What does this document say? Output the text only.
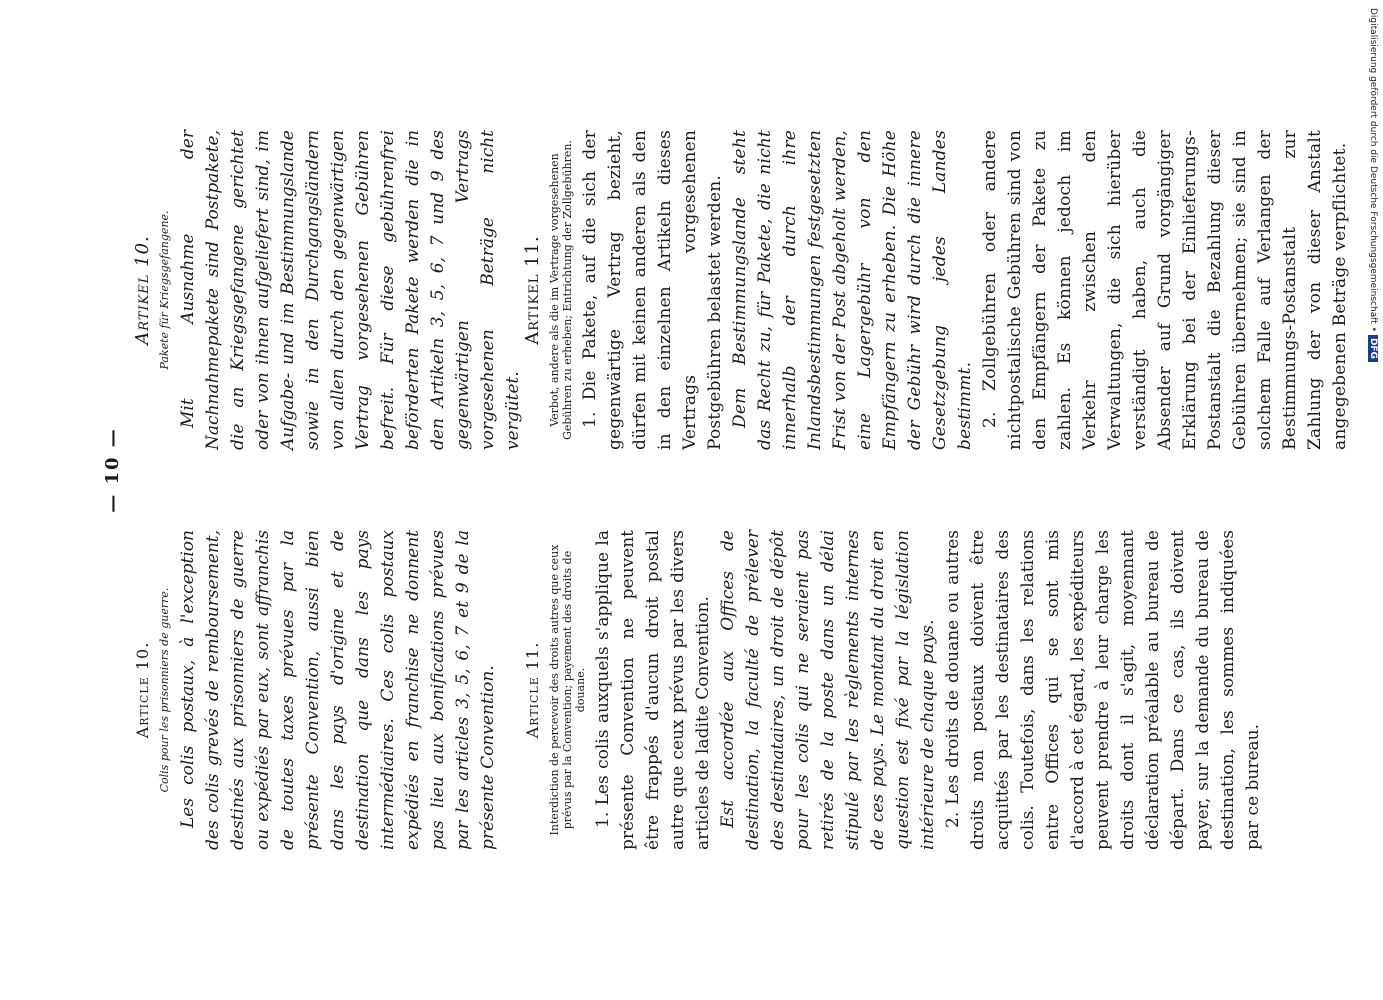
— 10 —

Article 10. Colis pour les prisonniers de guerre. Les colis postaux, à l'exception des colis grevés de remboursement, destinés aux prisonniers de guerre ou expédiés par eux, sont affranchis de toutes taxes prévues par la présente Convention, aussi bien dans les pays d'origine et de destination que dans les pays intermédiaires. Ces colis postaux expédiés en franchise ne donnent pas lieu aux bonifications prévues par les articles 3, 5, 6, 7 et 9 de la présente Convention.

Artikel 10. Pakete für Kriegsgefangene. Mit Ausnahme der Nachnahmepakete sind Postpakete, die an Kriegsgefangene gerichtet oder von ihnen aufgeliefert sind, im Aufgabe- und im Bestimmungslande sowie in den Durchgangsländern von allen durch den gegenwärtigen Vertrag vorgesehenen Gebühren befreit. Für diese gebührenfrei beförderten Pakete werden die in den Artikeln 3, 5, 6, 7 und 9 des gegenwärtigen Vertrags vorgesehenen Beträge nicht vergütet.

Article 11. Interdiction de percevoir des droits autres que ceux prévus par la Convention; payement des droits de douane. 1. Les colis auxquels s'applique la présente Convention ne peuvent être frappés d'aucun droit postal autre que ceux prévus par les divers articles de ladite Convention. Est accordée aux Offices de destination, la faculté de prélever des destinataires, un droit de dépôt pour les colis qui ne seraient pas retirés de la poste dans un délai stipulé par les règlements internes de ces pays. Le montant du droit en question est fixé par la législation intérieure de chaque pays. 2. Les droits de douane ou autres droits non postaux doivent être acquittés par les destinataires des colis. Toutefois, dans les relations entre Offices qui se sont mis d'accord à cet égard, les expéditeurs peuvent prendre à leur charge les droits dont il s'agit, moyennant déclaration préalable au bureau de départ. Dans ce cas, ils doivent payer, sur la demande du bureau de destination, les sommes indiquées par ce bureau.

Artikel 11. Verbot, andere als die im Vertrage vorgesehenen Gebühren zu erheben; Entrichtung der Zollgebühren. 1. Die Pakete, auf die sich der gegenwärtige Vertrag bezieht, dürfen mit keinen anderen als den in den einzelnen Artikeln dieses Vertrags vorgesehenen Postgebühren belastet werden. Dem Bestimmungslande steht das Recht zu, für Pakete, die nicht innerhalb der durch ihre Inlandsbestimmungen festgesetzten Frist von der Post abgeholt werden, eine Lagergebühr von den Empfängern zu erheben. Die Höhe der Gebühr wird durch die innere Gesetzgebung jedes Landes bestimmt. 2. Zollgebühren oder andere nichtpostalische Gebühren sind von den Empfängern der Pakete zu zahlen. Es können jedoch im Verkehr zwischen den Verwaltungen, die sich hierüber verständigt haben, auch die Absender auf Grund vorgängiger Erklärung bei der Einlieferungs-Postanstalt die Bezahlung dieser Gebühren übernehmen; sie sind in solchem Falle auf Verlangen der Bestimmungs-Postanstalt zur Zahlung der von dieser Anstalt angegebenen Beträge verpflichtet.	Digitalisierung gefördert durch die Deutsche Forschungsgemeinschaft •DFG
